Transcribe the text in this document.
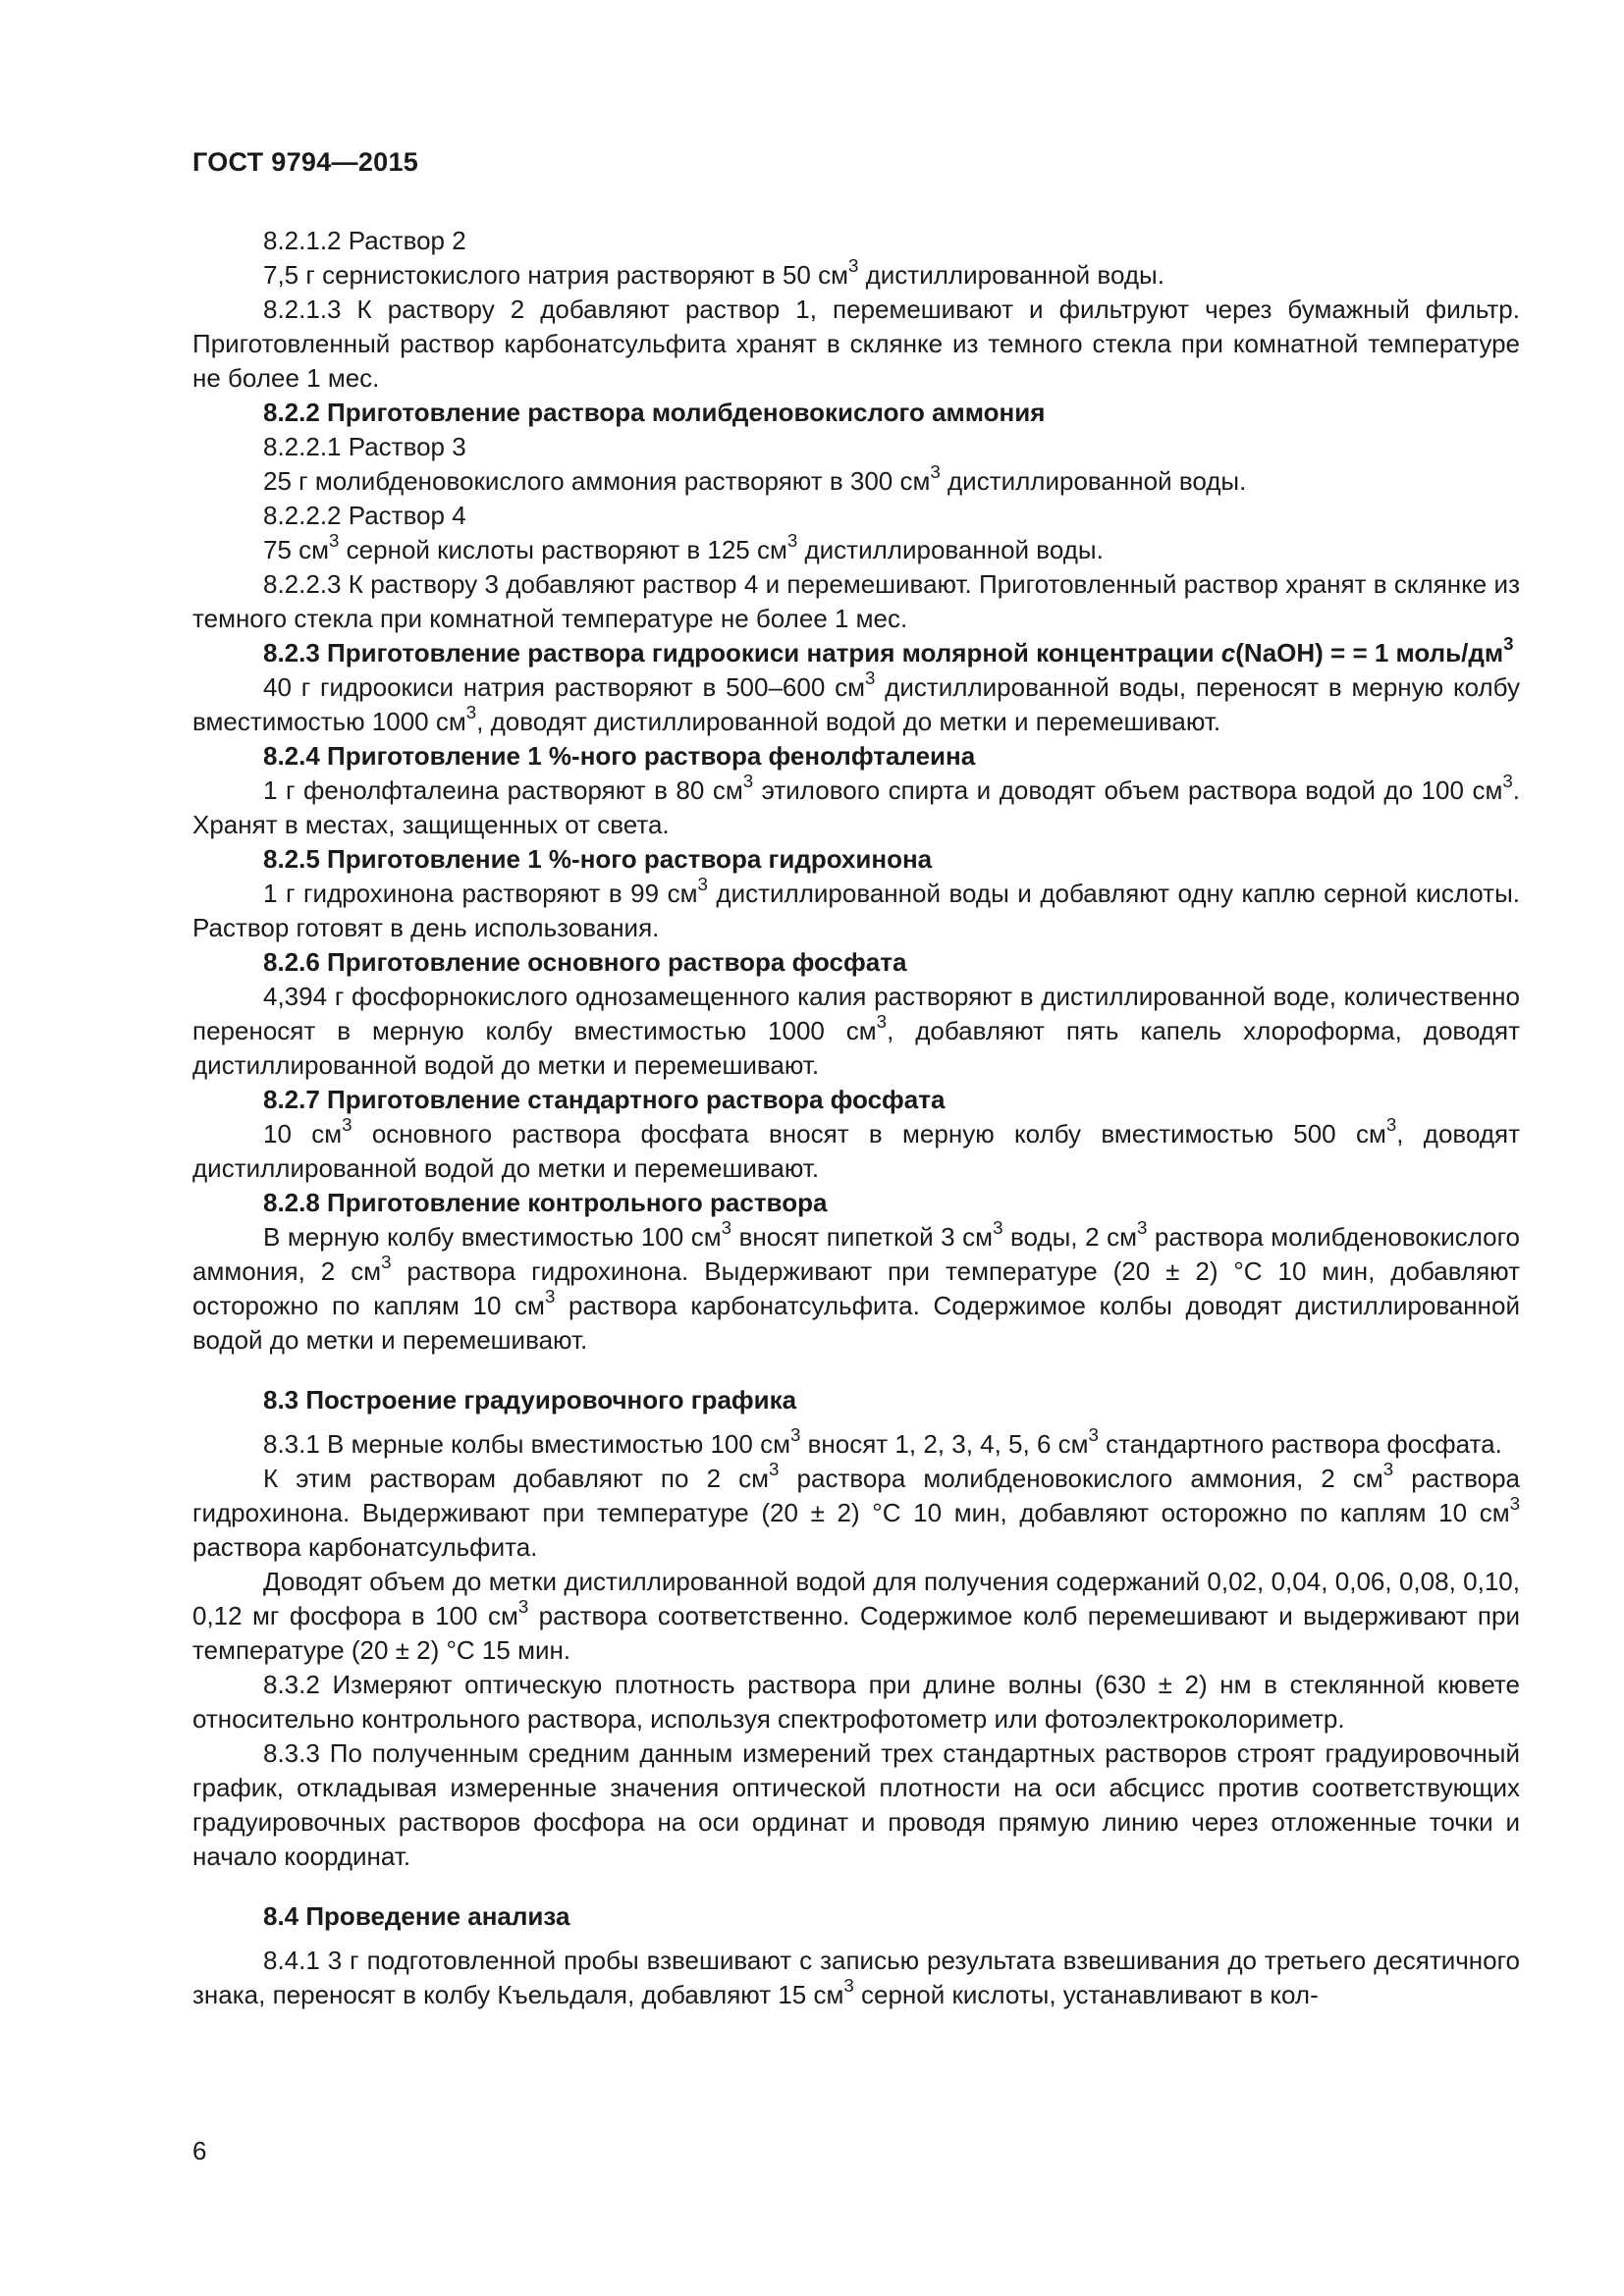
ГОСТ 9794—2015

8.2.1.2 Раствор 2

7,5 г сернистокислого натрия растворяют в 50 $см^3$ дистиллированной воды.

8.2.1.3 К раствору 2 добавляют раствор 1, перемешивают и фильтруют через бумажный фильтр. Приготовленный раствор карбонатсульфита хранят в склянке из темного стекла при комнатной температуре не более 1 мес.

8.2.2 Приготовление раствора молибденовокислого аммония

8.2.2.1 Раствор 3

25 г молибденовокислого аммония растворяют в 300 $см^3$ дистиллированной воды.

8.2.2.2 Раствор 4

75 $см^3$ серной кислоты растворяют в 125 $см^3$ дистиллированной воды.

8.2.2.3 К раствору 3 добавляют раствор 4 и перемешивают. Приготовленный раствор хранят в склянке из темного стекла при комнатной температуре не более 1 мес.

8.2.3 Приготовление раствора гидроокиси натрия молярной концентрации c(NaOH) = = 1 моль/$дм^3$

40 г гидроокиси натрия растворяют в 500–600 $см^3$ дистиллированной воды, переносят в мерную колбу вместимостью 1000 $см^3$, доводят дистиллированной водой до метки и перемешивают.

8.2.4 Приготовление 1 %-ного раствора фенолфталеина

1 г фенолфталеина растворяют в 80 $см^3$ этилового спирта и доводят объем раствора водой до 100 $см^3$. Хранят в местах, защищенных от света.

8.2.5 Приготовление 1 %-ного раствора гидрохинона

1 г гидрохинона растворяют в 99 $см^3$ дистиллированной воды и добавляют одну каплю серной кислоты. Раствор готовят в день использования.

8.2.6 Приготовление основного раствора фосфата

4,394 г фосфорнокислого однозамещенного калия растворяют в дистиллированной воде, количественно переносят в мерную колбу вместимостью 1000 $см^3$, добавляют пять капель хлороформа, доводят дистиллированной водой до метки и перемешивают.

8.2.7 Приготовление стандартного раствора фосфата

10 $см^3$ основного раствора фосфата вносят в мерную колбу вместимостью 500 $см^3$, доводят дистиллированной водой до метки и перемешивают.

8.2.8 Приготовление контрольного раствора

В мерную колбу вместимостью 100 $см^3$ вносят пипеткой 3 $см^3$ воды, 2 $см^3$ раствора молибденовокислого аммония, 2 $см^3$ раствора гидрохинона. Выдерживают при температуре (20 ± 2) °С 10 мин, добавляют осторожно по каплям 10 $см^3$ раствора карбонатсульфита. Содержимое колбы доводят дистиллированной водой до метки и перемешивают.

8.3 Построение градуировочного графика

8.3.1 В мерные колбы вместимостью 100 $см^3$ вносят 1, 2, 3, 4, 5, 6 $см^3$ стандартного раствора фосфата.

К этим растворам добавляют по 2 $см^3$ раствора молибденовокислого аммония, 2 $см^3$ раствора гидрохинона. Выдерживают при температуре (20 ± 2) °С 10 мин, добавляют осторожно по каплям 10 $см^3$ раствора карбонатсульфита.

Доводят объем до метки дистиллированной водой для получения содержаний 0,02, 0,04, 0,06, 0,08, 0,10, 0,12 мг фосфора в 100 $см^3$ раствора соответственно. Содержимое колб перемешивают и выдерживают при температуре (20 ± 2) °С 15 мин.

8.3.2 Измеряют оптическую плотность раствора при длине волны (630 ± 2) нм в стеклянной кювете относительно контрольного раствора, используя спектрофотометр или фотоэлектроколориметр.

8.3.3 По полученным средним данным измерений трех стандартных растворов строят градуировочный график, откладывая измеренные значения оптической плотности на оси абсцисс против соответствующих градуировочных растворов фосфора на оси ординат и проводя прямую линию через отложенные точки и начало координат.

8.4 Проведение анализа

8.4.1 3 г подготовленной пробы взвешивают с записью результата взвешивания до третьего десятичного знака, переносят в колбу Къельдаля, добавляют 15 $см^3$ серной кислоты, устанавливают в кол-

6
